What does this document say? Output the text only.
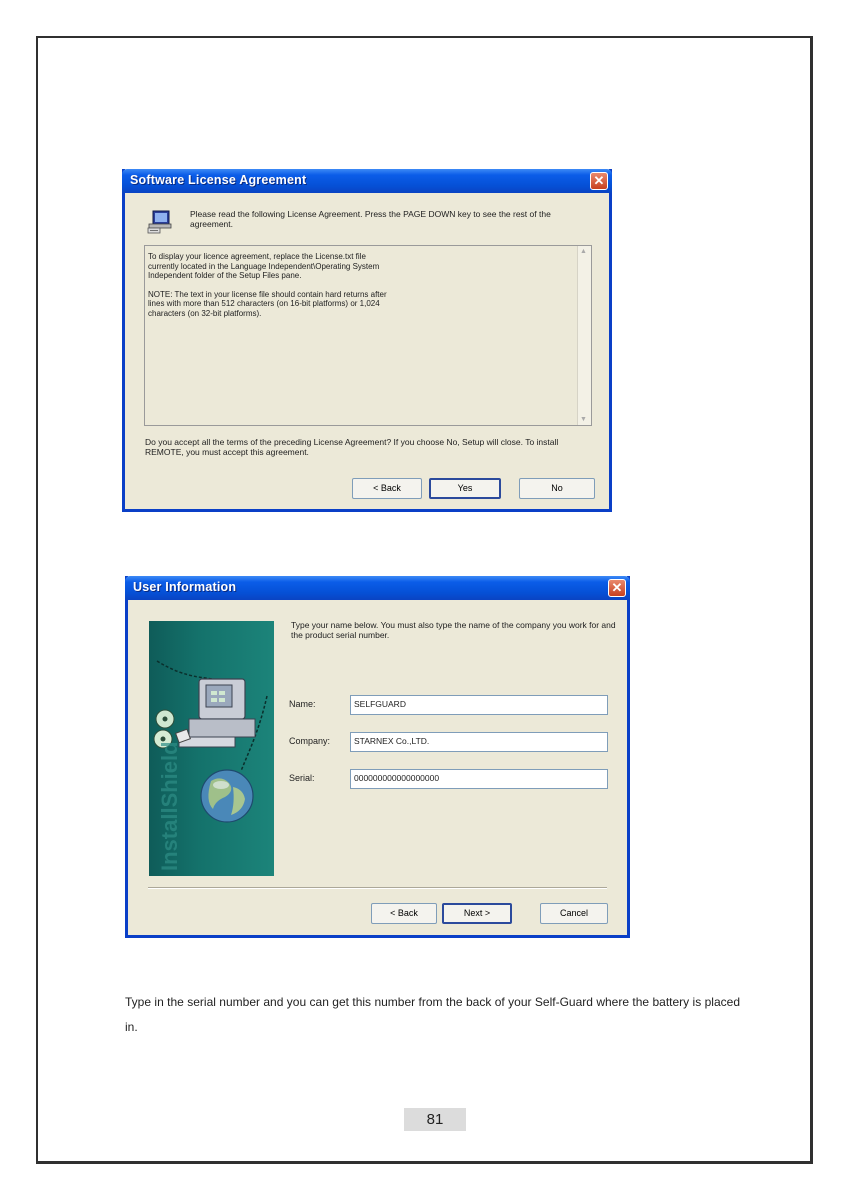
Software License Agreement	✕
Please read the following License Agreement. Press the PAGE DOWN key to see the rest of the agreement.

To display your licence agreement, replace the License.txt file currently located in the Language Independent\Operating System Independent folder of the Setup Files pane.

NOTE: The text in your license file should contain hard returns after lines with more than 512 characters (on 16-bit platforms) or 1,024 characters (on 32-bit platforms).

▲
▼
Do you accept all the terms of the preceding License Agreement? If you choose No, Setup will close. To install REMOTE, you must accept this agreement.
< Back	Yes	No
User Information	✕
InstallShield
Type your name below. You must also type the name of the company you work for and the product serial number.
Name:	SELFGUARD
Company:	STARNEX Co.,LTD.
Serial:	000000000000000000
< Back	Next >	Cancel

Type in the serial number and you can get this number from the back of your Self-Guard where the battery is placed in.

81
